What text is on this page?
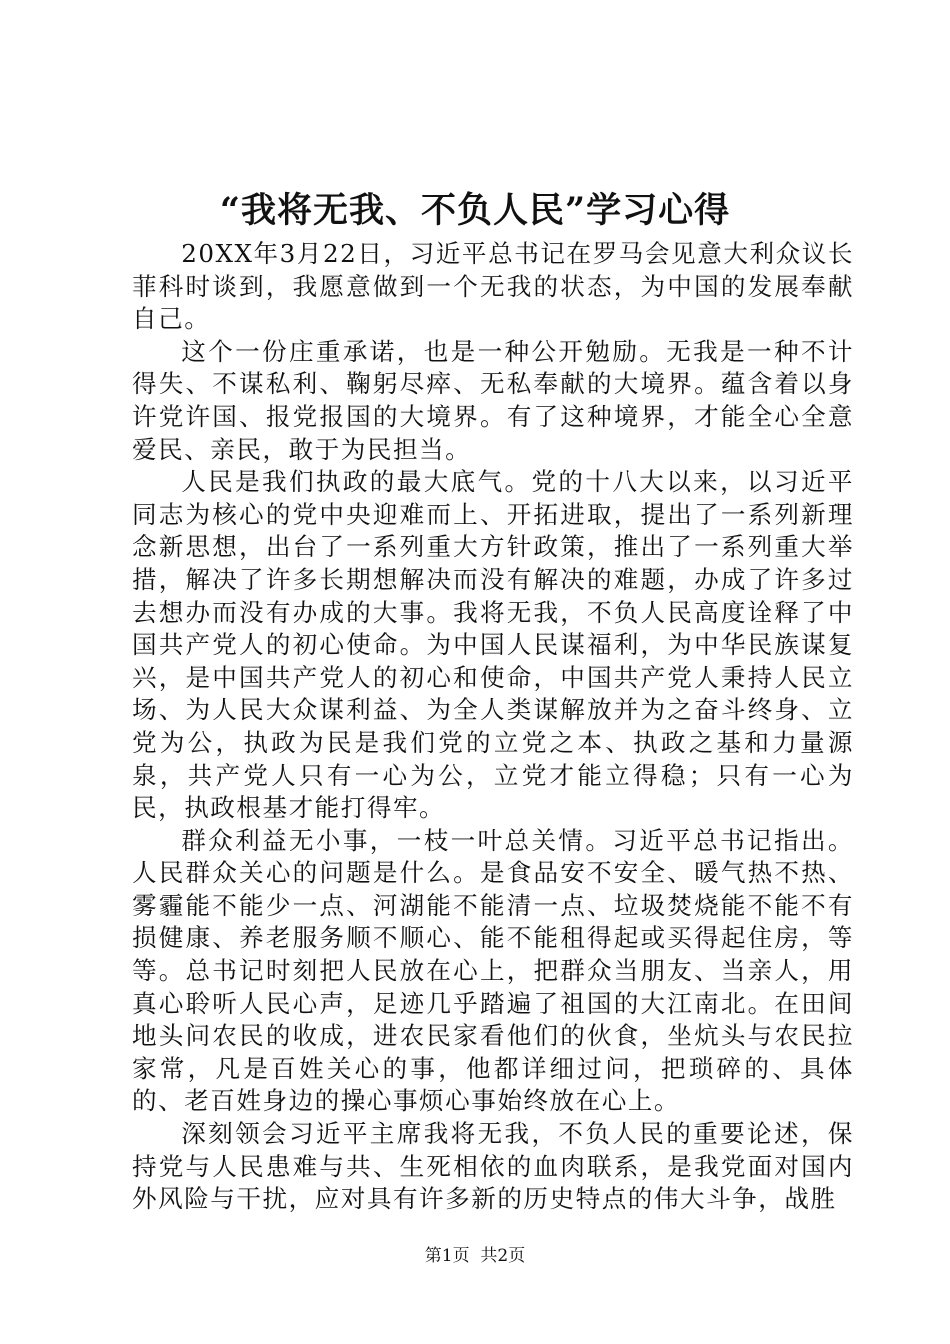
“我将无我、不负人民”学习心得

20XX年3月22日，习近平总书记在罗马会见意大利众议长菲科时谈到，我愿意做到一个无我的状态，为中国的发展奉献自己。

这个一份庄重承诺，也是一种公开勉励。无我是一种不计得失、不谋私利、鞠躬尽瘁、无私奉献的大境界。蕴含着以身许党许国、报党报国的大境界。有了这种境界，才能全心全意爱民、亲民，敢于为民担当。

人民是我们执政的最大底气。党的十八大以来，以习近平同志为核心的党中央迎难而上、开拓进取，提出了一系列新理念新思想，出台了一系列重大方针政策，推出了一系列重大举措，解决了许多长期想解决而没有解决的难题，办成了许多过去想办而没有办成的大事。我将无我，不负人民高度诠释了中国共产党人的初心使命。为中国人民谋福利，为中华民族谋复兴，是中国共产党人的初心和使命，中国共产党人秉持人民立场、为人民大众谋利益、为全人类谋解放并为之奋斗终身、立党为公，执政为民是我们党的立党之本、执政之基和力量源泉，共产党人只有一心为公，立党才能立得稳；只有一心为民，执政根基才能打得牢。

群众利益无小事，一枝一叶总关情。习近平总书记指出。人民群众关心的问题是什么。是食品安不安全、暖气热不热、雾霾能不能少一点、河湖能不能清一点、垃圾焚烧能不能不有损健康、养老服务顺不顺心、能不能租得起或买得起住房，等等。总书记时刻把人民放在心上，把群众当朋友、当亲人，用真心聆听人民心声，足迹几乎踏遍了祖国的大江南北。在田间地头问农民的收成，进农民家看他们的伙食，坐炕头与农民拉家常，凡是百姓关心的事，他都详细过问，把琐碎的、具体的、老百姓身边的操心事烦心事始终放在心上。

深刻领会习近平主席我将无我，不负人民的重要论述，保持党与人民患难与共、生死相依的血肉联系，是我党面对国内外风险与干扰，应对具有许多新的历史特点的伟大斗争，战胜

第1页  共2页
